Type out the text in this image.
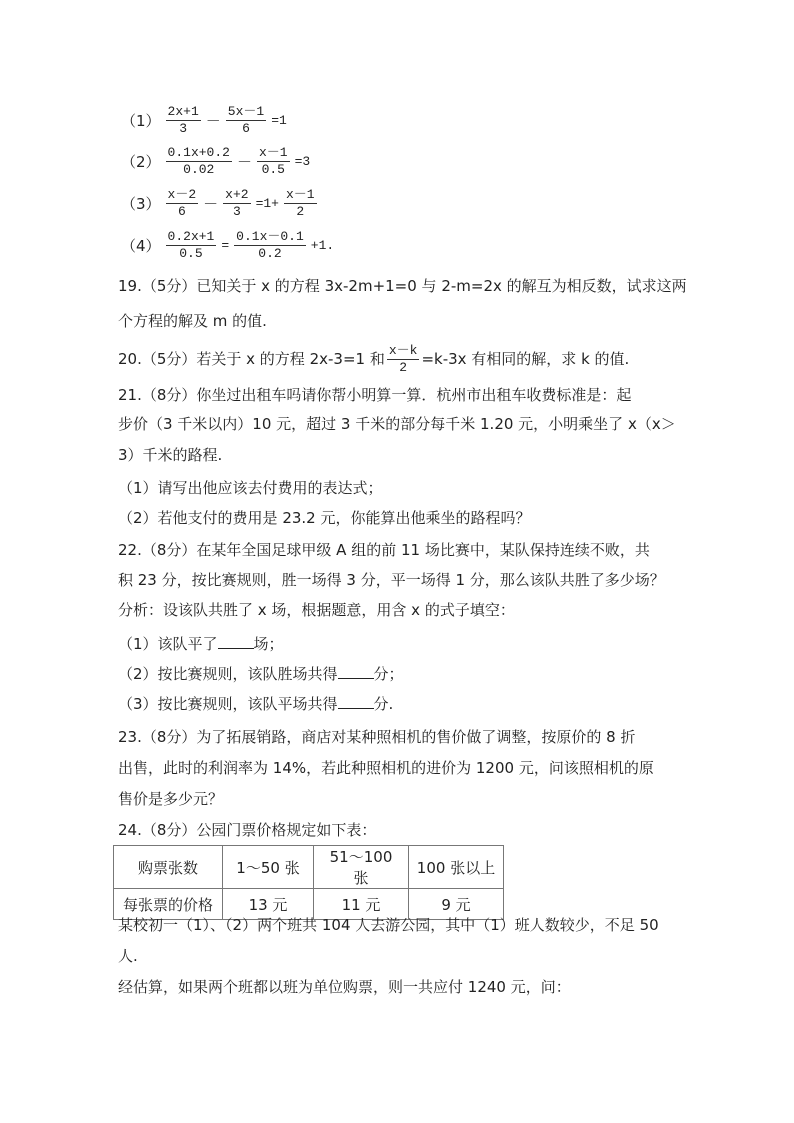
$(1) \frac{2x+1}{3} - \frac{5x-1}{6} =1$
$(2) \frac{0.1x+0.2}{0.02} - \frac{x-1}{0.5} =3$
$(3) \frac{x-2}{6} - \frac{x+2}{3} =1+ \frac{x-1}{2}$
$(4) \frac{0.2x+1}{0.5} = \frac{0.1x-0.1}{0.2} +1$.
19.（5分）已知关于 x 的方程 3x-2m+1=0 与 2-m=2x 的解互为相反数，试求这两
个方程的解及 m 的值.
20.（5分）若关于 x 的方程 2x-3=1 和 $\frac{x-k}{2} =k-3x$ 有相同的解，求 k 的值.
21.（8分）你坐过出租车吗请你帮小明算一算．杭州市出租车收费标准是：起
步价（3 千米以内）10 元，超过 3 千米的部分每千米 1.20 元，小明乘坐了 x（x＞
3）千米的路程.
（1）请写出他应该去付费用的表达式；
（2）若他支付的费用是 23.2 元，你能算出他乘坐的路程吗？
22.（8分）在某年全国足球甲级 A 组的前 11 场比赛中，某队保持连续不败，共
积 23 分，按比赛规则，胜一场得 3 分，平一场得 1 分，那么该队共胜了多少场？
分析：设该队共胜了 x 场，根据题意，用含 x 的式子填空：
（1）该队平了 场；
（2）按比赛规则，该队胜场共得 分；
（3）按比赛规则，该队平场共得 分.
23.（8分）为了拓展销路，商店对某种照相机的售价做了调整，按原价的 8 折
出售，此时的利润率为 14%，若此种照相机的进价为 1200 元，问该照相机的原
售价是多少元？
24.（8分）公园门票价格规定如下表：
购票张数	1～50 张	51～100 张	100 张以上
每张票的价格	13 元	11 元	9 元
某校初一（1）、（2）两个班共 104 人去游公园，其中（1）班人数较少，不足 50
人.
经估算，如果两个班都以班为单位购票，则一共应付 1240 元，问：
